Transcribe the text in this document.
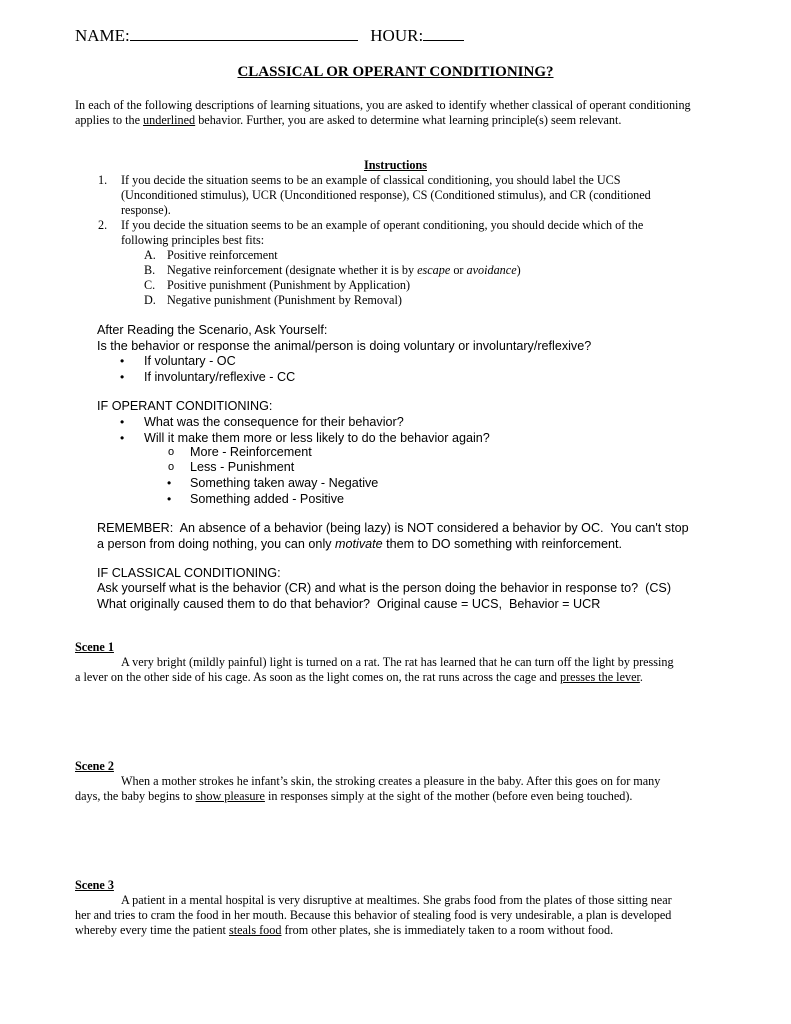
NAME:	HOUR:
CLASSICAL OR OPERANT CONDITIONING?
In each of the following descriptions of learning situations, you are asked to identify whether classical of operant conditioning applies to the underlined behavior. Further, you are asked to determine what learning principle(s) seem relevant.
Instructions
1. If you decide the situation seems to be an example of classical conditioning, you should label the UCS
(Unconditioned stimulus), UCR (Unconditioned response), CS (Conditioned stimulus), and CR (conditioned
response).
2. If you decide the situation seems to be an example of operant conditioning, you should decide which of the
following principles best fits:
A. Positive reinforcement
B. Negative reinforcement (designate whether it is by escape or avoidance)
C. Positive punishment (Punishment by Application)
D. Negative punishment (Punishment by Removal)
After Reading the Scenario, Ask Yourself:
Is the behavior or response the animal/person is doing voluntary or involuntary/reflexive?
• If voluntary - OC
• If involuntary/reflexive - CC
IF OPERANT CONDITIONING:
• What was the consequence for their behavior?
• Will it make them more or less likely to do the behavior again?
o More - Reinforcement
o Less - Punishment
• Something taken away - Negative
• Something added - Positive
REMEMBER:  An absence of a behavior (being lazy) is NOT considered a behavior by OC.  You can't stop
a person from doing nothing, you can only motivate them to DO something with reinforcement.
IF CLASSICAL CONDITIONING:
Ask yourself what is the behavior (CR) and what is the person doing the behavior in response to?  (CS)
What originally caused them to do that behavior?  Original cause = UCS,  Behavior = UCR
Scene 1
A very bright (mildly painful) light is turned on a rat. The rat has learned that he can turn off the light by pressing
a lever on the other side of his cage. As soon as the light comes on, the rat runs across the cage and presses the lever.
Scene 2
When a mother strokes he infant’s skin, the stroking creates a pleasure in the baby. After this goes on for many
days, the baby begins to show pleasure in responses simply at the sight of the mother (before even being touched).
Scene 3
A patient in a mental hospital is very disruptive at mealtimes. She grabs food from the plates of those sitting near
her and tries to cram the food in her mouth. Because this behavior of stealing food is very undesirable, a plan is developed
whereby every time the patient steals food from other plates, she is immediately taken to a room without food.
